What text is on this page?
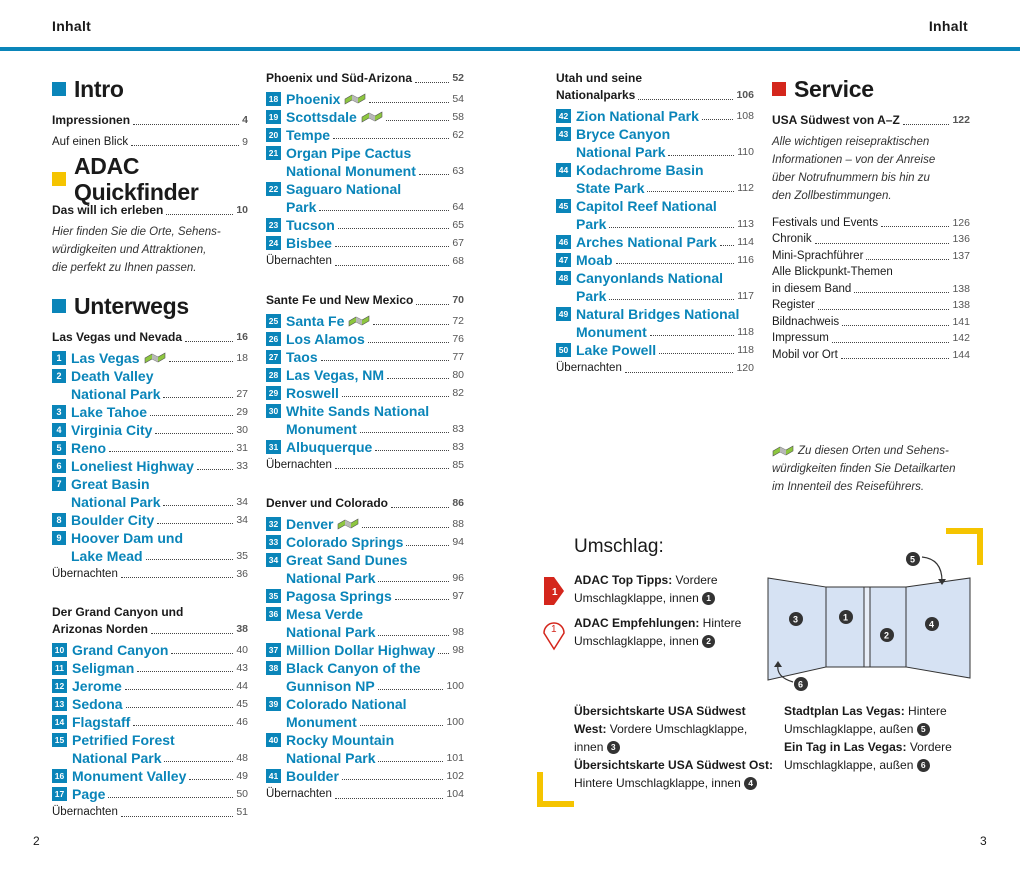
Inhalt	Inhalt
2	3
Intro
Impressionen	4
Auf einen Blick	9
ADAC Quickfinder
Das will ich erleben	10
Hier finden Sie die Orte, Sehens-
würdigkeiten und Attraktionen,
die perfekt zu Ihnen passen.
Unterwegs
Las Vegas und Nevada	16
1 Las Vegas	18
2 Death Valley
National Park	27
3 Lake Tahoe	29
4 Virginia City	30
5 Reno	31
6 Loneliest Highway	33
7 Great Basin
National Park	34
8 Boulder City	34
9 Hoover Dam und
Lake Mead	35
Übernachten	36
Der Grand Canyon und
Arizonas Norden	38
10 Grand Canyon	40
11 Seligman	43
12 Jerome	44
13 Sedona	45
14 Flagstaff	46
15 Petrified Forest
National Park	48
16 Monument Valley	49
17 Page	50
Übernachten	51
Phoenix und Süd-Arizona	52
18 Phoenix	54
19 Scottsdale	58
20 Tempe	62
21 Organ Pipe Cactus
National Monument	63
22 Saguaro National
Park	64
23 Tucson	65
24 Bisbee	67
Übernachten	68
Sante Fe und New Mexico	70
25 Santa Fe	72
26 Los Alamos	76
27 Taos	77
28 Las Vegas, NM	80
29 Roswell	82
30 White Sands National
Monument	83
31 Albuquerque	83
Übernachten	85
Denver und Colorado	86
32 Denver	88
33 Colorado Springs	94
34 Great Sand Dunes
National Park	96
35 Pagosa Springs	97
36 Mesa Verde
National Park	98
37 Million Dollar Highway 98
38 Black Canyon of the
Gunnison NP	100
39 Colorado National
Monument	100
40 Rocky Mountain
National Park	101
41 Boulder	102
Übernachten	104
Utah und seine
Nationalparks	106
42 Zion National Park	108
43 Bryce Canyon
National Park	110
44 Kodachrome Basin
State Park	112
45 Capitol Reef National
Park	113
46 Arches National Park 114
47 Moab	116
48 Canyonlands National
Park	117
49 Natural Bridges National
Monument	118
50 Lake Powell	118
Übernachten	120
Service
USA Südwest von A–Z	122
Alle wichtigen reisepraktischen
Informationen – von der Anreise
über Notrufnummern bis hin zu
den Zollbestimmungen.
Festivals und Events	126
Chronik	136
Mini-Sprachführer	137
Alle Blickpunkt-Themen
in diesem Band	138
Register	138
Bildnachweis	141
Impressum	142
Mobil vor Ort	144
Zu diesen Orten und Sehens-
würdigkeiten finden Sie Detailkarten
im Innenteil des Reiseführers.
Umschlag:
1
ADAC Top Tipps: Vordere
Umschlagklappe, innen 1
1 ADAC Empfehlungen: Hintere
Umschlagklappe, innen 2
3	1
2
4
5
6
Übersichtskarte USA Südwest
West: Vordere Umschlagklappe,
innen 3
Übersichtskarte USA Südwest Ost:
Hintere Umschlagklappe, innen 4
Stadtplan Las Vegas: Hintere
Umschlagklappe, außen 5
Ein Tag in Las Vegas: Vordere
Umschlagklappe, außen 6
